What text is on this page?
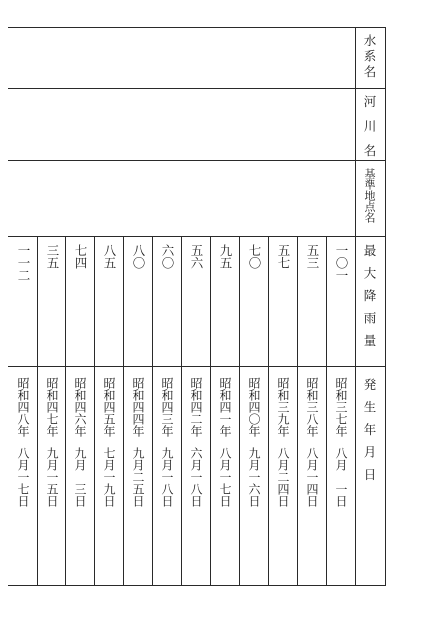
水系名
河川名
基準地点名
最大降雨量
発生年月日
一〇一
昭和三七年八月　一日
五三
昭和三八年八月一四日
五七
昭和三九年八月二四日
七〇
昭和四〇年九月一六日
九五
昭和四一年八月一七日
五六
昭和四二年六月一八日
六〇
昭和四三年九月一八日
八〇
昭和四四年九月二五日
八五
昭和四五年七月一九日
七四
昭和四六年九月　三日
三五
昭和四七年九月一五日
一一二
昭和四八年八月一七日
